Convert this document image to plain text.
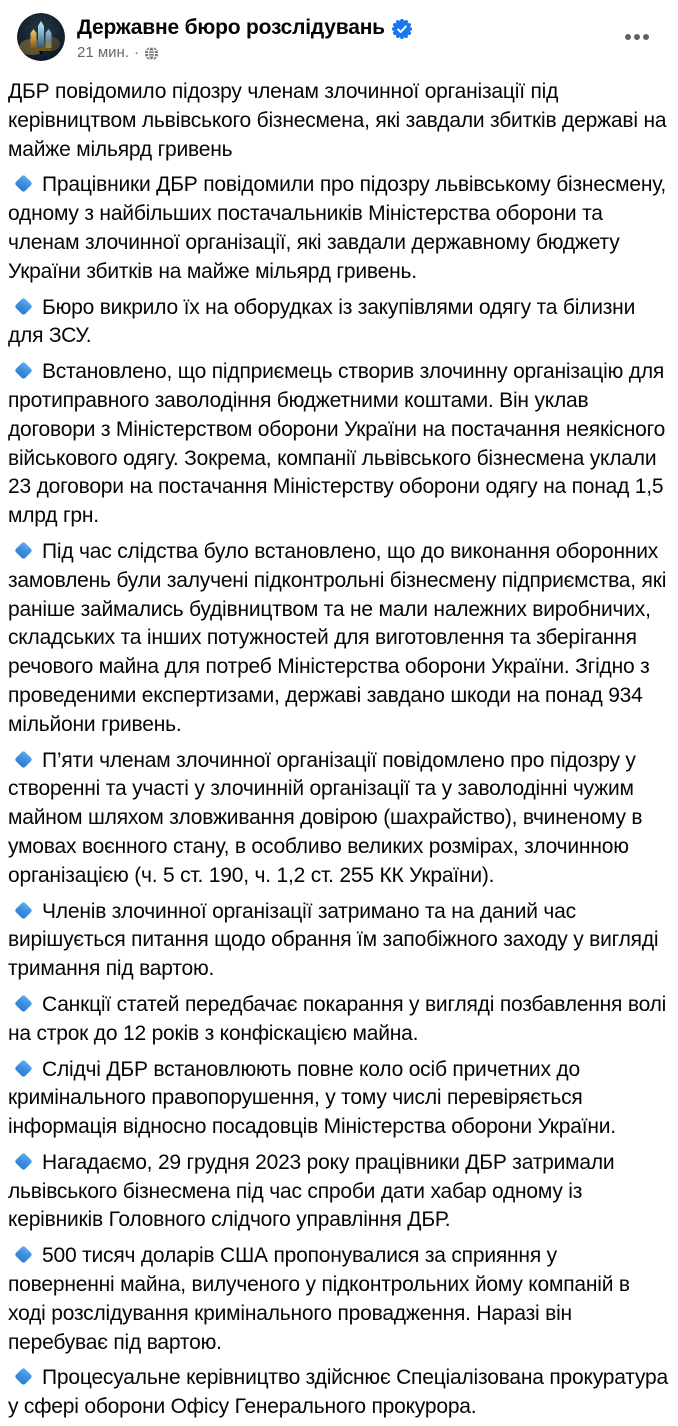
Державне бюро розслідувань
21 мин. ·

ДБР повідомило підозру членам злочинної організації під керівництвом львівського бізнесмена, які завдали збитків державі на майже мільярд гривень

Працівники ДБР повідомили про підозру львівському бізнесмену, одному з найбільших постачальників Міністерства оборони та членам злочинної організації, які завдали державному бюджету України збитків на майже мільярд гривень.

Бюро викрило їх на оборудках із закупівлями одягу та білизни для ЗСУ.

Встановлено, що підприємець створив злочинну організацію для протиправного заволодіння бюджетними коштами. Він уклав договори з Міністерством оборони України на постачання неякісного військового одягу. Зокрема, компанії львівського бізнесмена уклали 23 договори на постачання Міністерству оборони одягу на понад 1,5 млрд грн.

Під час слідства було встановлено, що до виконання оборонних замовлень були залучені підконтрольні бізнесмену підприємства, які раніше займались будівництвом та не мали належних виробничих, складських та інших потужностей для виготовлення та зберігання речового майна для потреб Міністерства оборони України. Згідно з проведеними експертизами, державі завдано шкоди на понад 934 мільйони гривень.

П’яти членам злочинної організації повідомлено про підозру у створенні та участі у злочинній організації та у заволодінні чужим майном шляхом зловживання довірою (шахрайство), вчиненому в умовах воєнного стану, в особливо великих розмірах, злочинною організацією (ч. 5 ст. 190, ч. 1,2 ст. 255 КК України).

Членів злочинної організації затримано та на даний час вирішується питання щодо обрання їм запобіжного заходу у вигляді тримання під вартою.

Санкції статей передбачає покарання у вигляді позбавлення волі на строк до 12 років з конфіскацією майна.

Слідчі ДБР встановлюють повне коло осіб причетних до кримінального правопорушення, у тому числі перевіряється інформація відносно посадовців Міністерства оборони України.

Нагадаємо, 29 грудня 2023 року працівники ДБР затримали львівського бізнесмена під час спроби дати хабар одному із керівників Головного слідчого управління ДБР.

500 тисяч доларів США пропонувалися за сприяння у поверненні майна, вилученого у підконтрольних йому компаній в ході розслідування кримінального провадження. Наразі він перебуває під вартою.

Процесуальне керівництво здійснює Спеціалізована прокуратура у сфері оборони Офісу Генерального прокурора.
